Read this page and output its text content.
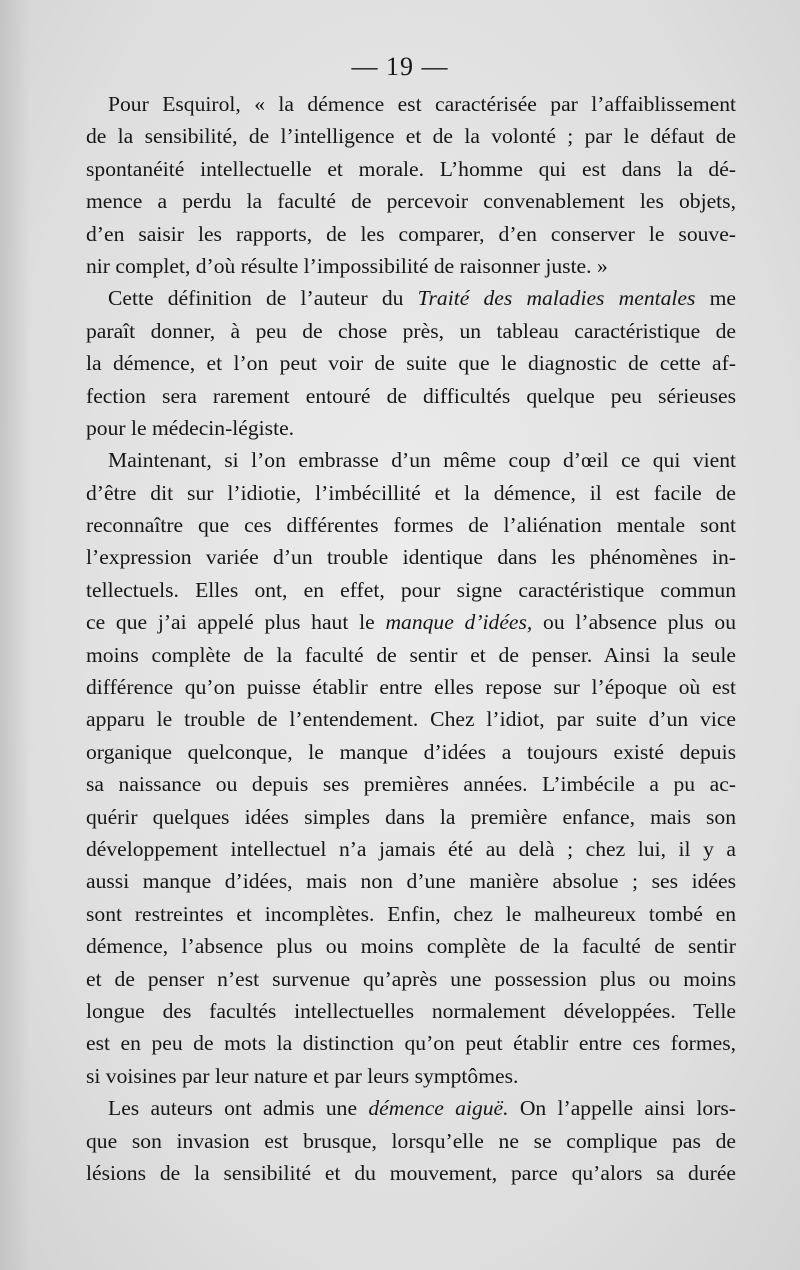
— 19 —
Pour Esquirol, « la démence est caractérisée par l’affaiblissement
de la sensibilité, de l’intelligence et de la volonté ; par le défaut de
spontanéité intellectuelle et morale. L’homme qui est dans la dé-
mence a perdu la faculté de percevoir convenablement les objets,
d’en saisir les rapports, de les comparer, d’en conserver le souve-
nir complet, d’où résulte l’impossibilité de raisonner juste. »
Cette définition de l’auteur du Traité des maladies mentales me
paraît donner, à peu de chose près, un tableau caractéristique de
la démence, et l’on peut voir de suite que le diagnostic de cette af-
fection sera rarement entouré de difficultés quelque peu sérieuses
pour le médecin-légiste.
Maintenant, si l’on embrasse d’un même coup d’œil ce qui vient
d’être dit sur l’idiotie, l’imbécillité et la démence, il est facile de
reconnaître que ces différentes formes de l’aliénation mentale sont
l’expression variée d’un trouble identique dans les phénomènes in-
tellectuels. Elles ont, en effet, pour signe caractéristique commun
ce que j’ai appelé plus haut le manque d’idées, ou l’absence plus ou
moins complète de la faculté de sentir et de penser. Ainsi la seule
différence qu’on puisse établir entre elles repose sur l’époque où est
apparu le trouble de l’entendement. Chez l’idiot, par suite d’un vice
organique quelconque, le manque d’idées a toujours existé depuis
sa naissance ou depuis ses premières années. L’imbécile a pu ac-
quérir quelques idées simples dans la première enfance, mais son
développement intellectuel n’a jamais été au delà ; chez lui, il y a
aussi manque d’idées, mais non d’une manière absolue ; ses idées
sont restreintes et incomplètes. Enfin, chez le malheureux tombé en
démence, l’absence plus ou moins complète de la faculté de sentir
et de penser n’est survenue qu’après une possession plus ou moins
longue des facultés intellectuelles normalement développées. Telle
est en peu de mots la distinction qu’on peut établir entre ces formes,
si voisines par leur nature et par leurs symptômes.
Les auteurs ont admis une démence aiguë. On l’appelle ainsi lors-
que son invasion est brusque, lorsqu’elle ne se complique pas de
lésions de la sensibilité et du mouvement, parce qu’alors sa durée
